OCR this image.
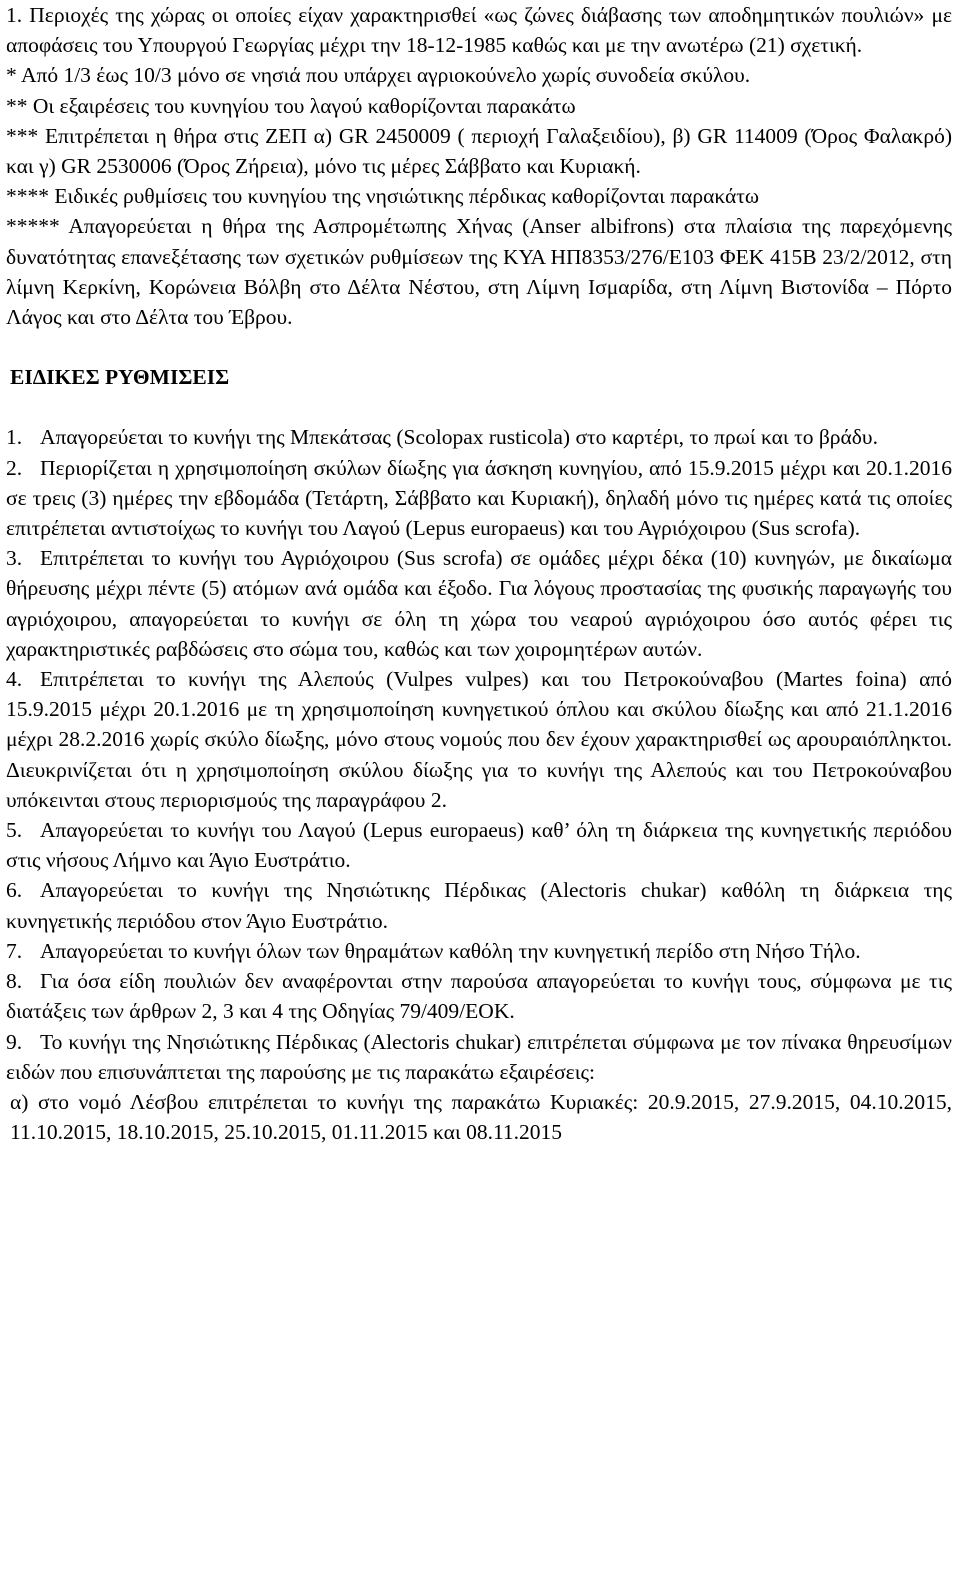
1. Περιοχές της χώρας οι οποίες είχαν χαρακτηρισθεί «ως ζώνες διάβασης των αποδημητικών πουλιών» με αποφάσεις του Υπουργού Γεωργίας μέχρι την 18-12-1985 καθώς και με την ανωτέρω (21) σχετική.

* Από 1/3 έως 10/3 μόνο σε νησιά που υπάρχει αγριοκούνελο χωρίς συνοδεία σκύλου.

** Οι εξαιρέσεις του κυνηγίου του λαγού καθορίζονται παρακάτω

*** Επιτρέπεται η θήρα στις ΖΕΠ α) GR 2450009 ( περιοχή Γαλαξειδίου), β) GR 114009 (Όρος Φαλακρό) και γ) GR 2530006 (Όρος Ζήρεια), μόνο τις μέρες Σάββατο και Κυριακή.

**** Ειδικές ρυθμίσεις του κυνηγίου της νησιώτικης πέρδικας καθορίζονται παρακάτω

***** Απαγορεύεται η θήρα της Ασπρομέτωπης Χήνας (Anser albifrons) στα πλαίσια της παρεχόμενης δυνατότητας επανεξέτασης των σχετικών ρυθμίσεων της ΚΥΑ ΗΠ8353/276/Ε103 ΦΕΚ 415Β 23/2/2012, στη λίμνη Κερκίνη, Κορώνεια Βόλβη στο Δέλτα Νέστου, στη Λίμνη Ισμαρίδα, στη Λίμνη Βιστονίδα – Πόρτο Λάγος και στο Δέλτα του Έβρου.

ΕΙΔΙΚΕΣ ΡΥΘΜΙΣΕΙΣ

1. Απαγορεύεται το κυνήγι της Μπεκάτσας (Scolopax rusticola) στο καρτέρι, το πρωί και το βράδυ.

2. Περιορίζεται η χρησιμοποίηση σκύλων δίωξης για άσκηση κυνηγίου, από 15.9.2015 μέχρι και 20.1.2016 σε τρεις (3) ημέρες την εβδομάδα (Τετάρτη, Σάββατο και Κυριακή), δηλαδή μόνο τις ημέρες κατά τις οποίες επιτρέπεται αντιστοίχως το κυνήγι του Λαγού (Lepus europaeus) και του Αγριόχοιρου (Sus scrofa).

3. Επιτρέπεται το κυνήγι του Αγριόχοιρου (Sus scrofa) σε ομάδες μέχρι δέκα (10) κυνηγών, με δικαίωμα θήρευσης μέχρι πέντε (5) ατόμων ανά ομάδα και έξοδο. Για λόγους προστασίας της φυσικής παραγωγής του αγριόχοιρου, απαγορεύεται το κυνήγι σε όλη τη χώρα του νεαρού αγριόχοιρου όσο αυτός φέρει τις χαρακτηριστικές ραβδώσεις στο σώμα του, καθώς και των χοιρομητέρων αυτών.

4. Επιτρέπεται το κυνήγι της Αλεπούς (Vulpes vulpes) και του Πετροκούναβου (Martes foina) από 15.9.2015 μέχρι 20.1.2016 με τη χρησιμοποίηση κυνηγετικού όπλου και σκύλου δίωξης και από 21.1.2016 μέχρι 28.2.2016 χωρίς σκύλο δίωξης, μόνο στους νομούς που δεν έχουν χαρακτηρισθεί ως αρουραιόπληκτοι. Διευκρινίζεται ότι η χρησιμοποίηση σκύλου δίωξης για το κυνήγι της Αλεπούς και του Πετροκούναβου υπόκεινται στους περιορισμούς της παραγράφου 2.

5. Απαγορεύεται το κυνήγι του Λαγού (Lepus europaeus) καθ’ όλη τη διάρκεια της κυνηγετικής περιόδου στις νήσους Λήμνο και Άγιο Ευστράτιο.

6. Απαγορεύεται το κυνήγι της Νησιώτικης Πέρδικας (Alectoris chukar) καθόλη τη διάρκεια της κυνηγετικής περιόδου στον Άγιο Ευστράτιο.

7. Απαγορεύεται το κυνήγι όλων των θηραμάτων καθόλη την κυνηγετική περίδο στη Νήσο Τήλο.

8. Για όσα είδη πουλιών δεν αναφέρονται στην παρούσα απαγορεύεται το κυνήγι τους, σύμφωνα με τις διατάξεις των άρθρων 2, 3 και 4 της Οδηγίας 79/409/ΕΟΚ.

9. Το κυνήγι της Νησιώτικης Πέρδικας (Alectoris chukar) επιτρέπεται σύμφωνα με τον πίνακα θηρευσίμων ειδών που επισυνάπτεται της παρούσης με τις παρακάτω εξαιρέσεις:

α) στο νομό Λέσβου επιτρέπεται το κυνήγι της παρακάτω Κυριακές: 20.9.2015, 27.9.2015, 04.10.2015, 11.10.2015, 18.10.2015, 25.10.2015, 01.11.2015 και 08.11.2015
